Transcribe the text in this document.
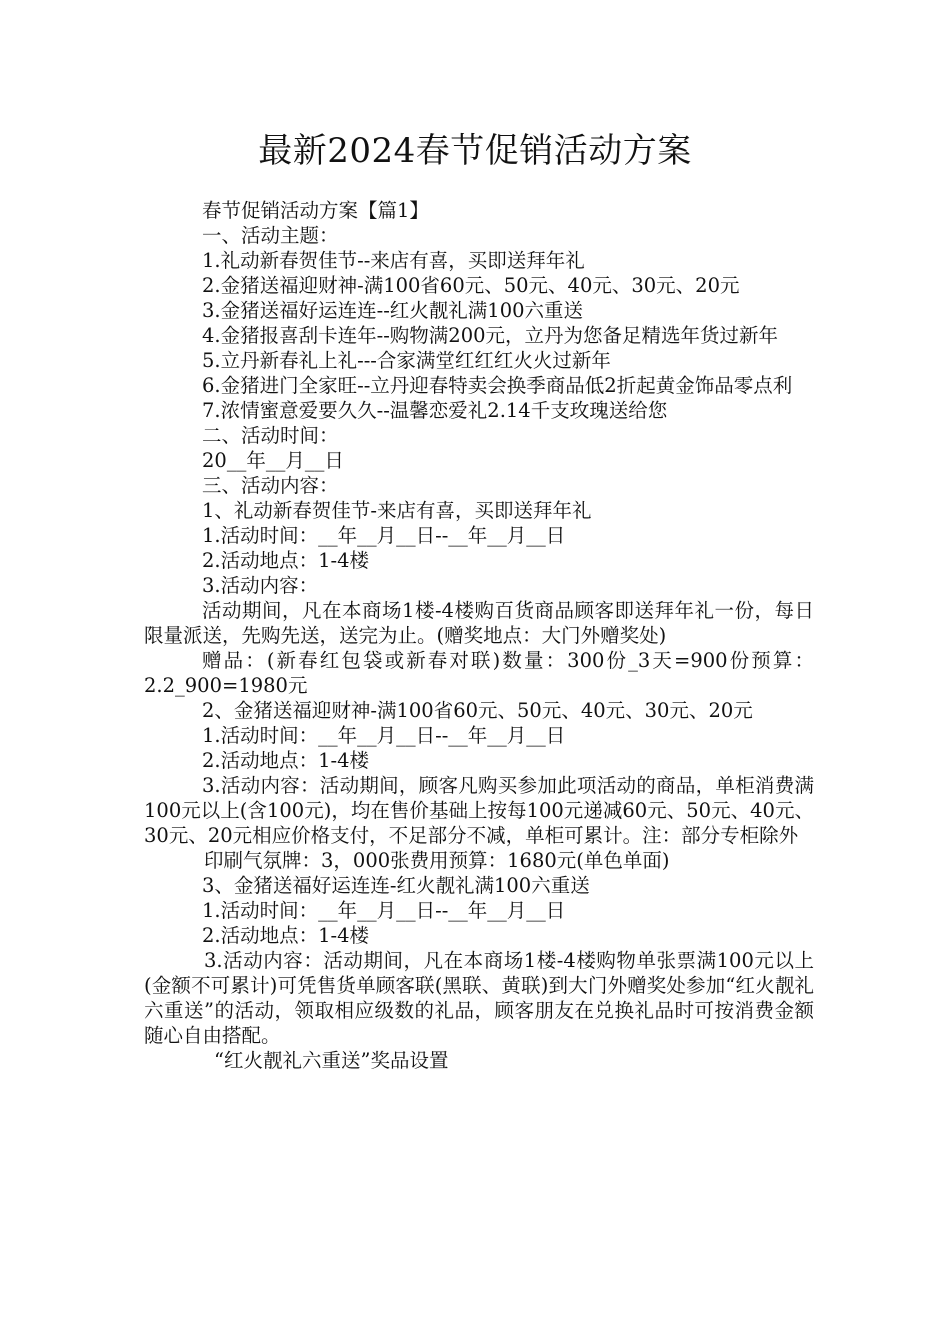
最新2024春节促销活动方案

春节促销活动方案【篇1】

一、活动主题：

1.礼动新春贺佳节--来店有喜，买即送拜年礼

2.金猪送福迎财神-满100省60元、50元、40元、30元、20元

3.金猪送福好运连连--红火靓礼满100六重送

4.金猪报喜刮卡连年--购物满200元，立丹为您备足精选年货过新年

5.立丹新春礼上礼---合家满堂红红红火火过新年

6.金猪进门全家旺--立丹迎春特卖会换季商品低2折起黄金饰品零点利

7.浓情蜜意爱要久久--温馨恋爱礼2.14千支玫瑰送给您

二、活动时间：

20__年__月__日

三、活动内容：

1、礼动新春贺佳节-来店有喜，买即送拜年礼

1.活动时间：__年__月__日--__年__月__日

2.活动地点：1-4楼

3.活动内容：

活动期间，凡在本商场1楼-4楼购百货商品顾客即送拜年礼一份，每日限量派送，先购先送，送完为止。(赠奖地点：大门外赠奖处)

赠品：(新春红包袋或新春对联)数量：300份_3天=900份预算：2.2_900=1980元

2、金猪送福迎财神-满100省60元、50元、40元、30元、20元

1.活动时间：__年__月__日--__年__月__日

2.活动地点：1-4楼

3.活动内容：活动期间，顾客凡购买参加此项活动的商品，单柜消费满100元以上(含100元)，均在售价基础上按每100元递减60元、50元、40元、30元、20元相应价格支付，不足部分不减，单柜可累计。注：部分专柜除外

印刷气氛牌：3，000张费用预算：1680元(单色单面)

3、金猪送福好运连连-红火靓礼满100六重送

1.活动时间：__年__月__日--__年__月__日

2.活动地点：1-4楼

3.活动内容：活动期间，凡在本商场1楼-4楼购物单张票满100元以上(金额不可累计)可凭售货单顾客联(黑联、黄联)到大门外赠奖处参加“红火靓礼六重送”的活动，领取相应级数的礼品，顾客朋友在兑换礼品时可按消费金额随心自由搭配。

“红火靓礼六重送”奖品设置
